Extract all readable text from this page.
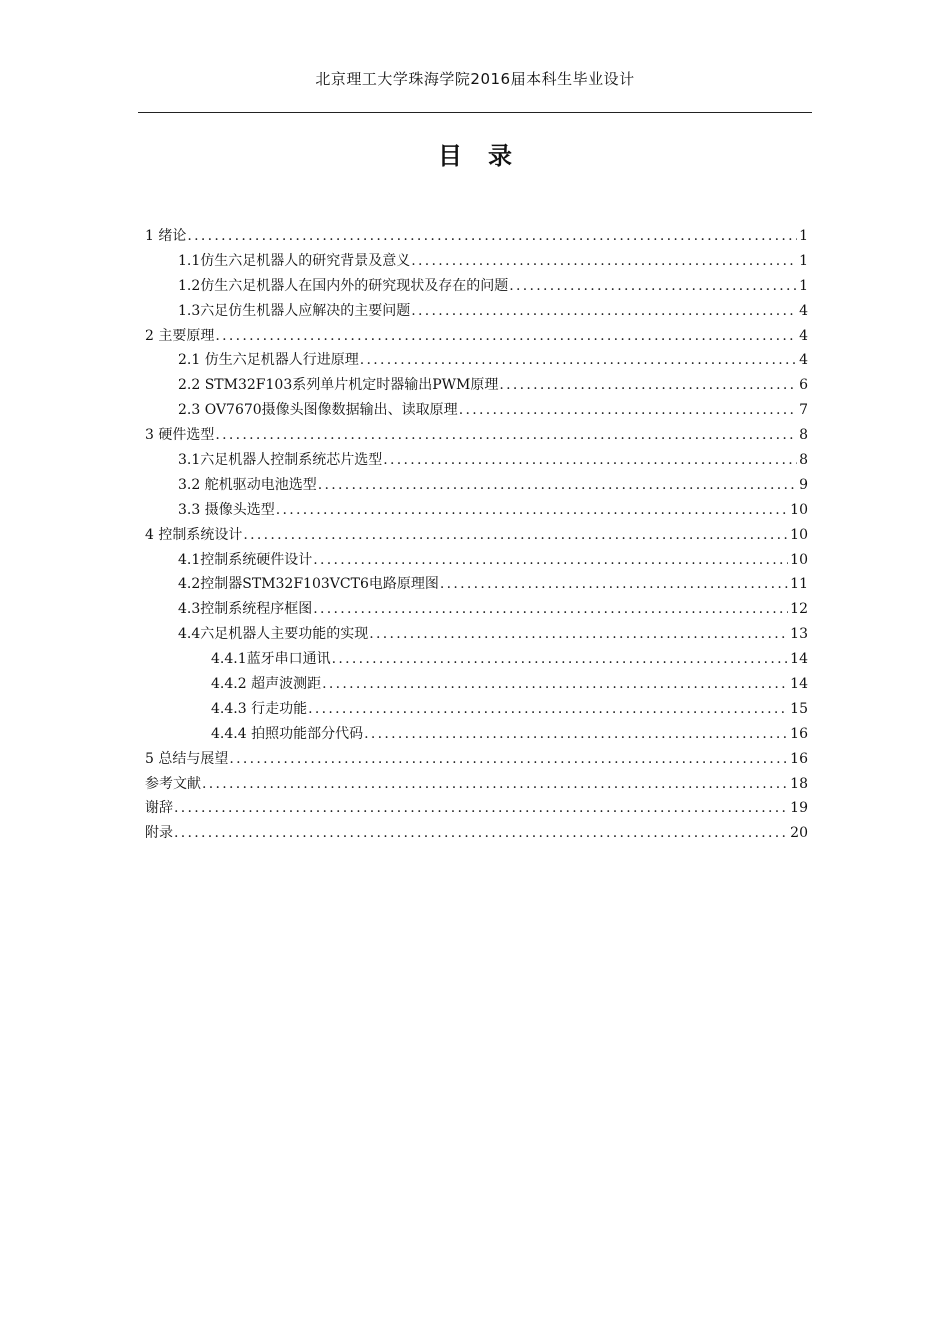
北京理工大学珠海学院2016届本科生毕业设计
目录
1 绪论 .....	1
1.1仿生六足机器人的研究背景及意义 .....	1
1.2仿生六足机器人在国内外的研究现状及存在的问题 .....	1
1.3六足仿生机器人应解决的主要问题 .....	4
2 主要原理 .....	4
2.1 仿生六足机器人行进原理 .....	4
2.2 STM32F103系列单片机定时器输出PWM原理 .....	6
2.3 OV7670摄像头图像数据输出、读取原理 .....	7
3 硬件选型 .....	8
3.1六足机器人控制系统芯片选型 .....	8
3.2 舵机驱动电池选型 .....	9
3.3 摄像头选型 .....	10
4 控制系统设计 .....	10
4.1控制系统硬件设计 .....	10
4.2控制器STM32F103VCT6电路原理图 .....	11
4.3控制系统程序框图 .....	12
4.4六足机器人主要功能的实现 .....	13
4.4.1蓝牙串口通讯 .....	14
4.4.2 超声波测距 .....	14
4.4.3 行走功能 .....	15
4.4.4 拍照功能部分代码 .....	16
5 总结与展望 .....	16
参考文献 .....	18
谢辞 .....	19
附录 .....	20
